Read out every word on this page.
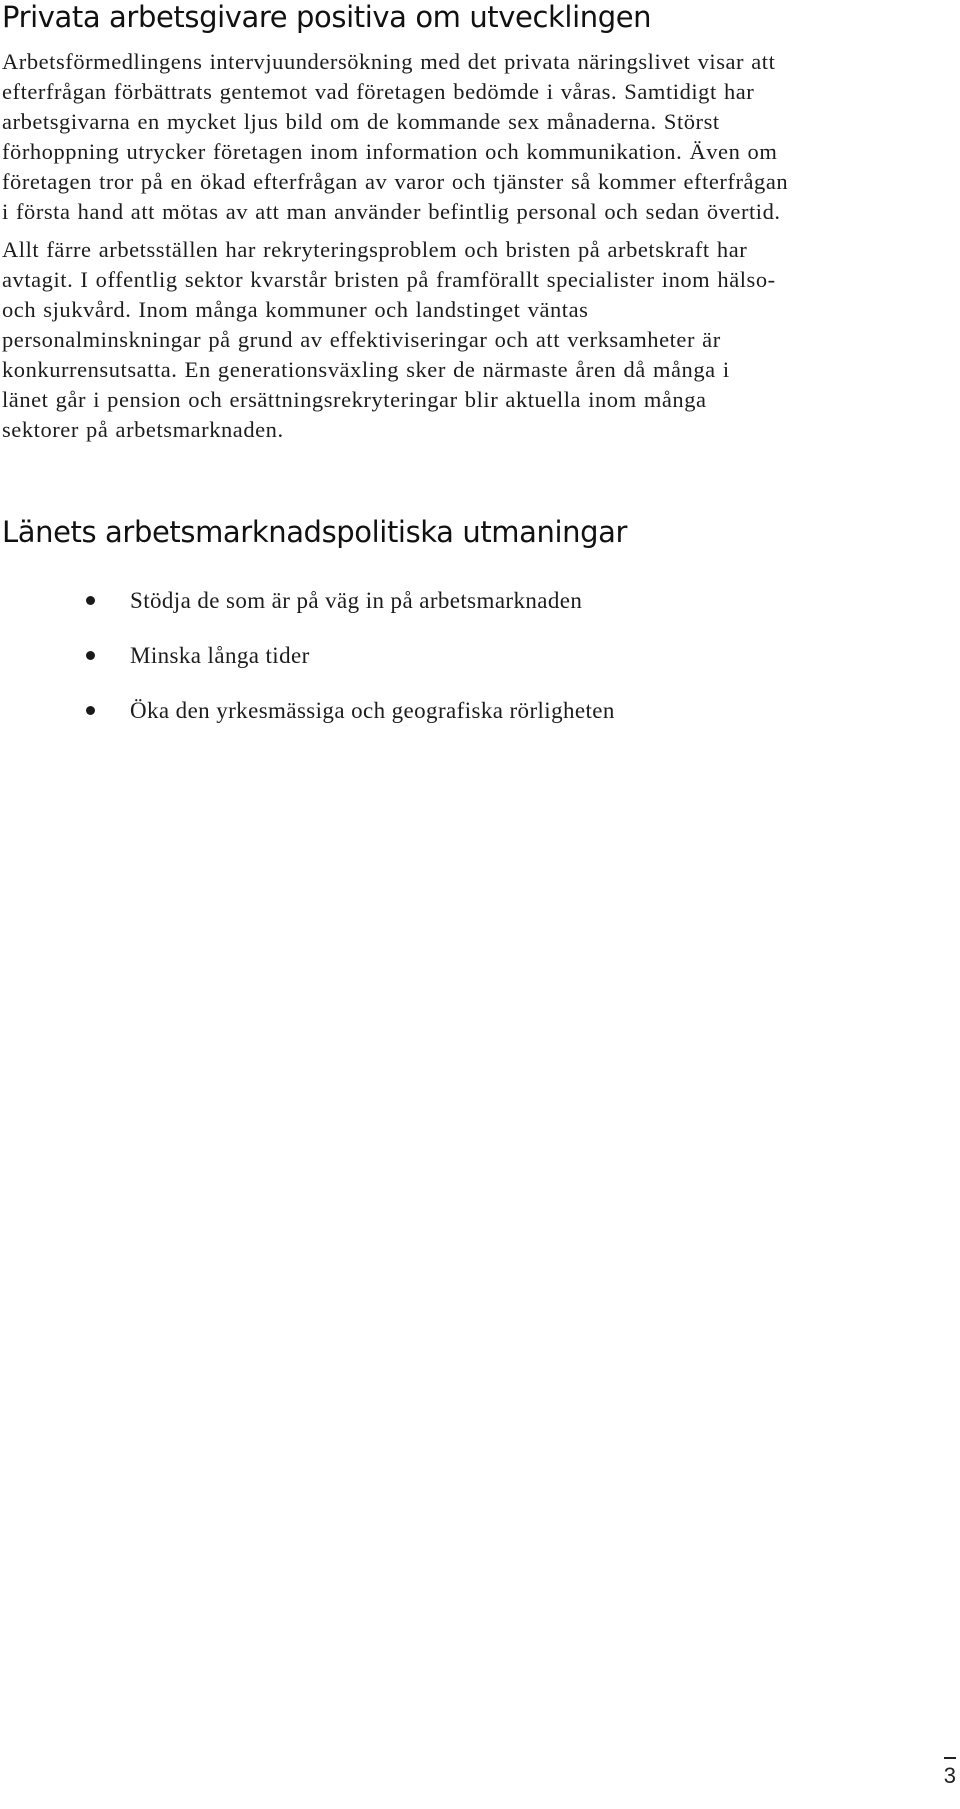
Privata arbetsgivare positiva om utvecklingen

Arbetsförmedlingens intervjuundersökning med det privata näringslivet visar att
efterfrågan förbättrats gentemot vad företagen bedömde i våras. Samtidigt har
arbetsgivarna en mycket ljus bild om de kommande sex månaderna. Störst
förhoppning utrycker företagen inom information och kommunikation. Även om
företagen tror på en ökad efterfrågan av varor och tjänster så kommer efterfrågan
i första hand att mötas av att man använder befintlig personal och sedan övertid.

Allt färre arbetsställen har rekryteringsproblem och bristen på arbetskraft har
avtagit. I offentlig sektor kvarstår bristen på framförallt specialister inom hälso-
och sjukvård. Inom många kommuner och landstinget väntas
personalminskningar på grund av effektiviseringar och att verksamheter är
konkurrensutsatta. En generationsväxling sker de närmaste åren då många i
länet går i pension och ersättningsrekryteringar blir aktuella inom många
sektorer på arbetsmarknaden.

Länets arbetsmarknadspolitiska utmaningar
Stödja de som är på väg in på arbetsmarknaden
Minska långa tider
Öka den yrkesmässiga och geografiska rörligheten
3
